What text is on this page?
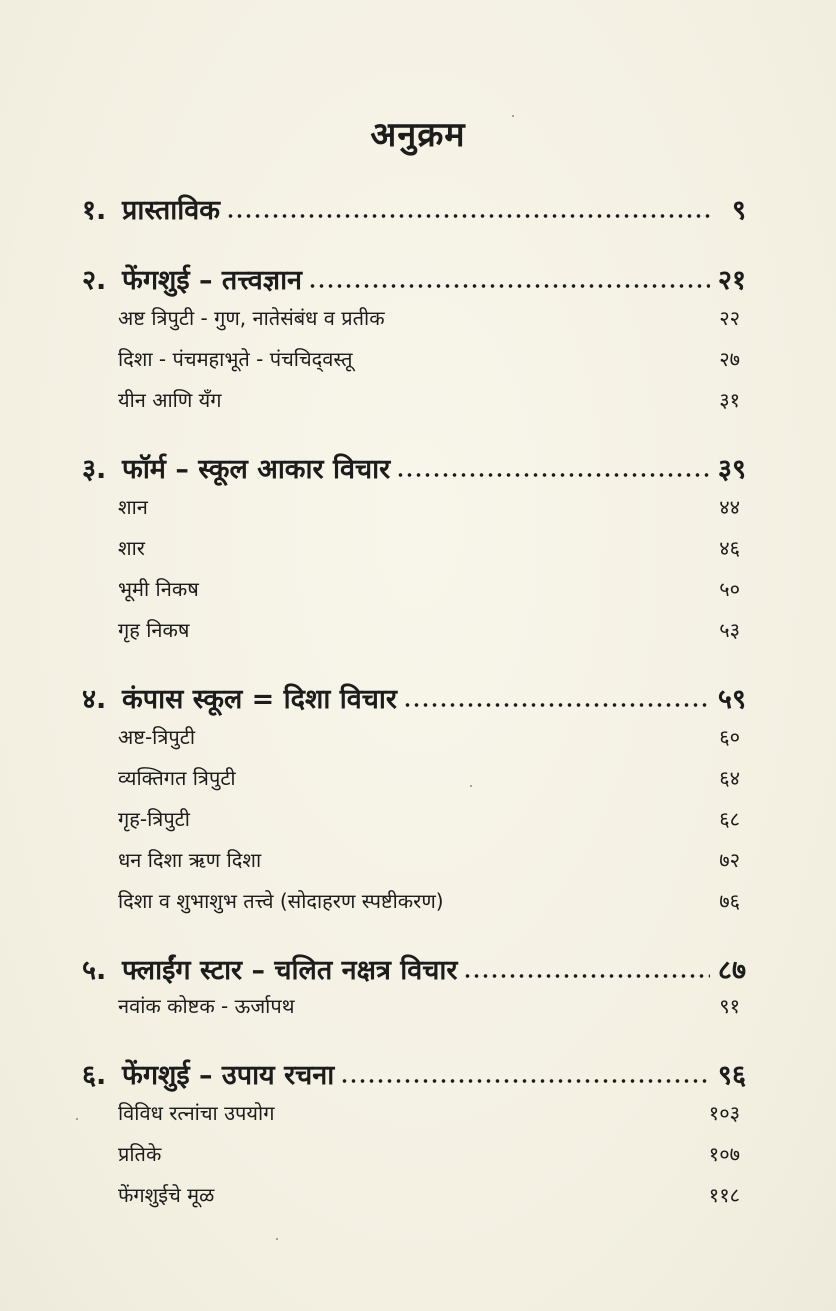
अनुक्रम
१. प्रास्ताविक	९
२. फेंगशुई – तत्त्वज्ञान	२१
अष्ट त्रिपुटी - गुण, नातेसंबंध व प्रतीक	२२
दिशा - पंचमहाभूते - पंचचिद्‌वस्तू	२७
यीन आणि यँग	३१
३. फॉर्म – स्कूल आकार विचार	३९
शान	४४
शार	४६
भूमी निकष	५०
गृह निकष	५३
४. कंपास स्कूल = दिशा विचार	५९
अष्ट-त्रिपुटी	६०
व्यक्तिगत त्रिपुटी	६४
गृह-त्रिपुटी	६८
धन दिशा ऋण दिशा	७२
दिशा व शुभाशुभ तत्त्वे (सोदाहरण स्पष्टीकरण)	७६
५. फ्लाईंग स्टार – चलित नक्षत्र विचार	८७
नवांक कोष्टक - ऊर्जापथ	९१
६. फेंगशुई – उपाय रचना	९६
विविध रत्नांचा उपयोग	१०३
प्रतिके	१०७
फेंगशुईचे मूळ	११८
